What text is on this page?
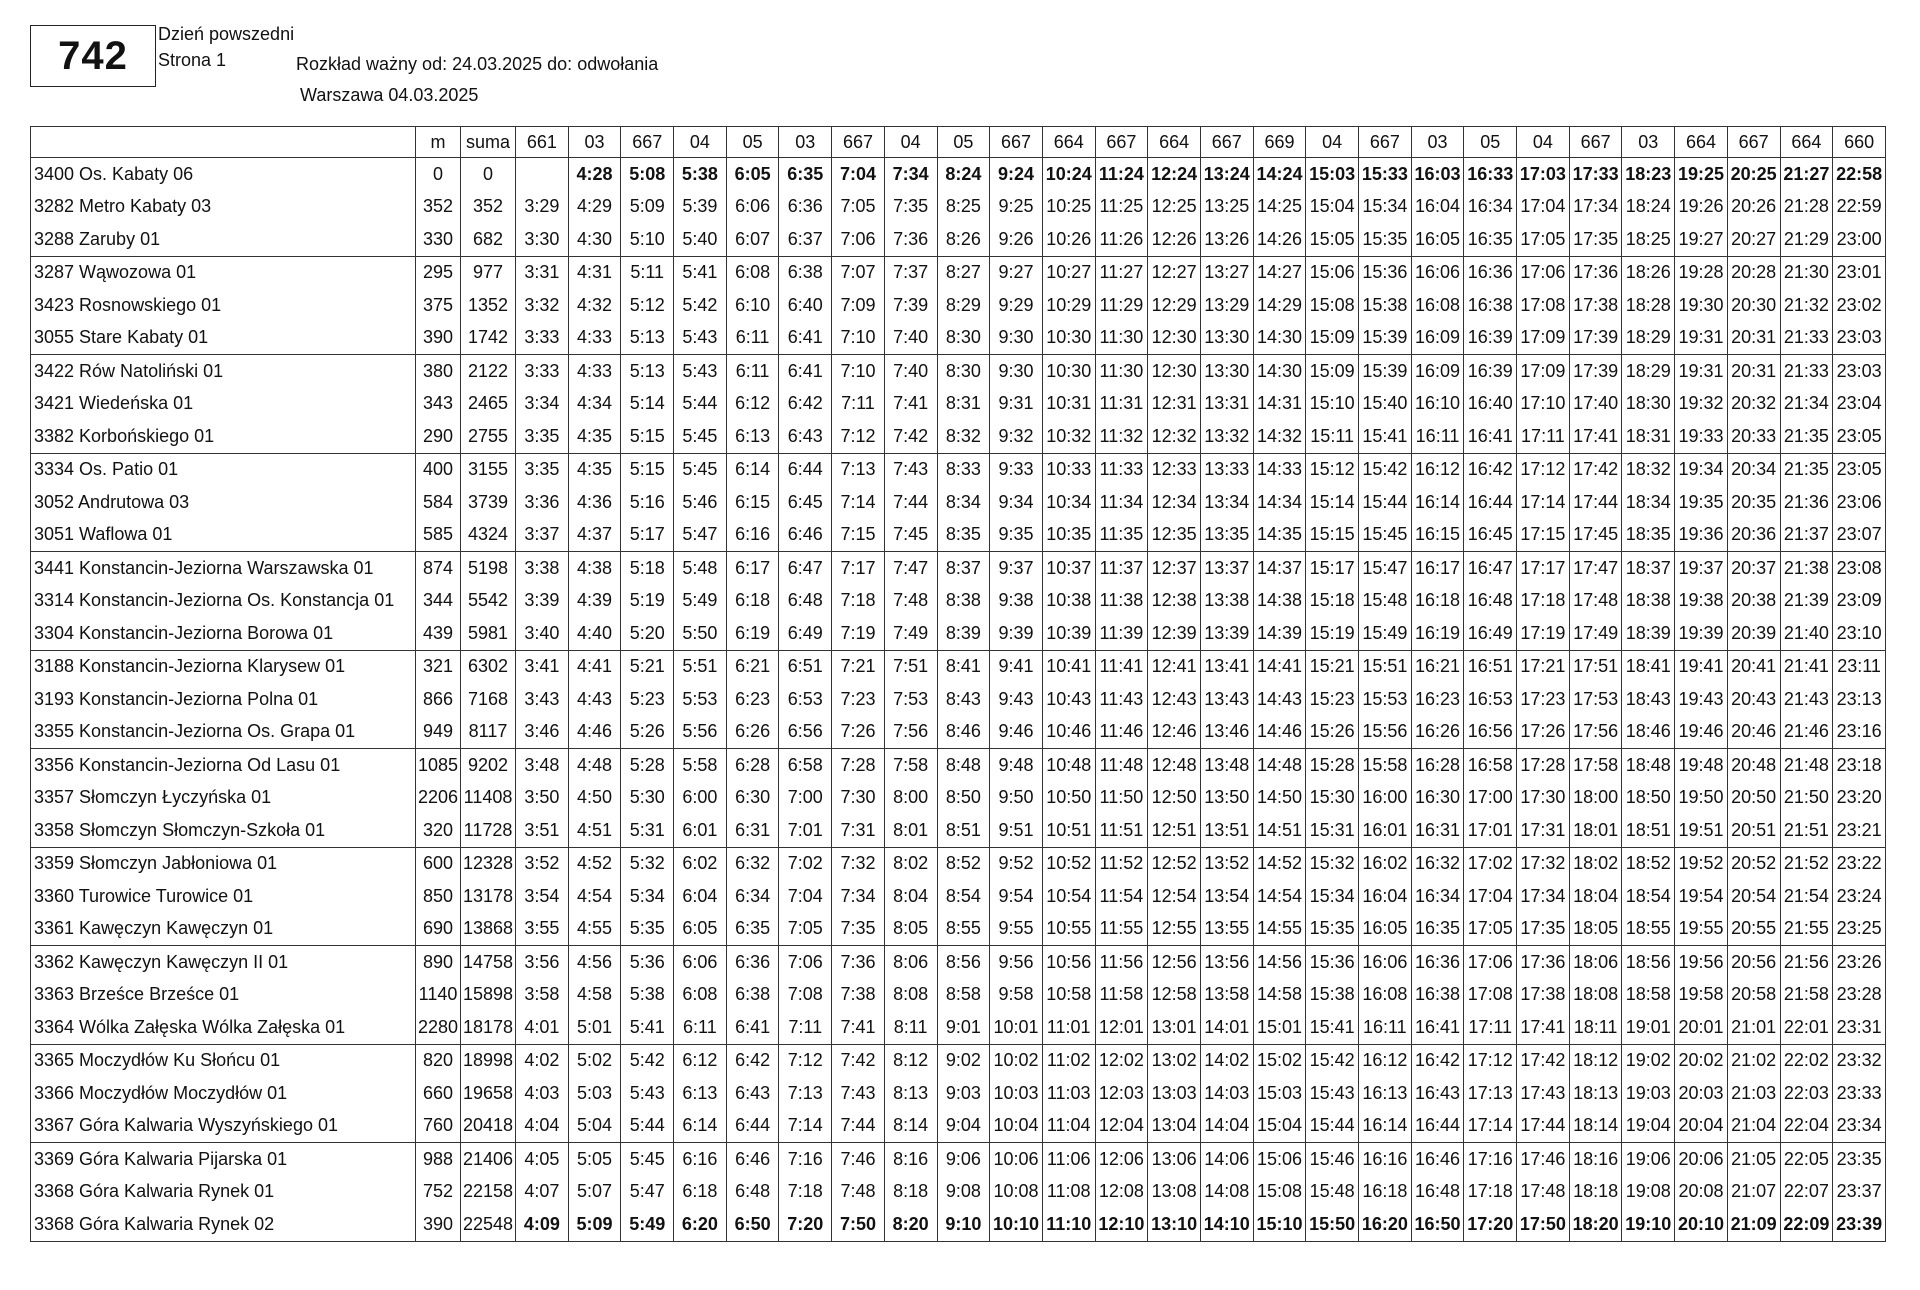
742 Dzień powszedni
Strona 1	Rozkład ważny od: 24.03.2025 do: odwołania
Warszawa 04.03.2025
	m	suma	661	03	667	04	05	03	667	04	05	667	664	667	664	667	669	04	667	03	05	04	667	03	664	667	664	660
3400 Os. Kabaty 06	0	0		4:28	5:08	5:38	6:05	6:35	7:04	7:34	8:24	9:24	10:24	11:24	12:24	13:24	14:24	15:03	15:33	16:03	16:33	17:03	17:33	18:23	19:25	20:25	21:27	22:58
3282 Metro Kabaty 03	352	352	3:29	4:29	5:09	5:39	6:06	6:36	7:05	7:35	8:25	9:25	10:25	11:25	12:25	13:25	14:25	15:04	15:34	16:04	16:34	17:04	17:34	18:24	19:26	20:26	21:28	22:59
3288 Zaruby 01	330	682	3:30	4:30	5:10	5:40	6:07	6:37	7:06	7:36	8:26	9:26	10:26	11:26	12:26	13:26	14:26	15:05	15:35	16:05	16:35	17:05	17:35	18:25	19:27	20:27	21:29	23:00
3287 Wąwozowa 01	295	977	3:31	4:31	5:11	5:41	6:08	6:38	7:07	7:37	8:27	9:27	10:27	11:27	12:27	13:27	14:27	15:06	15:36	16:06	16:36	17:06	17:36	18:26	19:28	20:28	21:30	23:01
3423 Rosnowskiego 01	375	1352	3:32	4:32	5:12	5:42	6:10	6:40	7:09	7:39	8:29	9:29	10:29	11:29	12:29	13:29	14:29	15:08	15:38	16:08	16:38	17:08	17:38	18:28	19:30	20:30	21:32	23:02
3055 Stare Kabaty 01	390	1742	3:33	4:33	5:13	5:43	6:11	6:41	7:10	7:40	8:30	9:30	10:30	11:30	12:30	13:30	14:30	15:09	15:39	16:09	16:39	17:09	17:39	18:29	19:31	20:31	21:33	23:03
3422 Rów Natoliński 01	380	2122	3:33	4:33	5:13	5:43	6:11	6:41	7:10	7:40	8:30	9:30	10:30	11:30	12:30	13:30	14:30	15:09	15:39	16:09	16:39	17:09	17:39	18:29	19:31	20:31	21:33	23:03
3421 Wiedeńska 01	343	2465	3:34	4:34	5:14	5:44	6:12	6:42	7:11	7:41	8:31	9:31	10:31	11:31	12:31	13:31	14:31	15:10	15:40	16:10	16:40	17:10	17:40	18:30	19:32	20:32	21:34	23:04
3382 Korbońskiego 01	290	2755	3:35	4:35	5:15	5:45	6:13	6:43	7:12	7:42	8:32	9:32	10:32	11:32	12:32	13:32	14:32	15:11	15:41	16:11	16:41	17:11	17:41	18:31	19:33	20:33	21:35	23:05
3334 Os. Patio 01	400	3155	3:35	4:35	5:15	5:45	6:14	6:44	7:13	7:43	8:33	9:33	10:33	11:33	12:33	13:33	14:33	15:12	15:42	16:12	16:42	17:12	17:42	18:32	19:34	20:34	21:35	23:05
3052 Andrutowa 03	584	3739	3:36	4:36	5:16	5:46	6:15	6:45	7:14	7:44	8:34	9:34	10:34	11:34	12:34	13:34	14:34	15:14	15:44	16:14	16:44	17:14	17:44	18:34	19:35	20:35	21:36	23:06
3051 Waflowa 01	585	4324	3:37	4:37	5:17	5:47	6:16	6:46	7:15	7:45	8:35	9:35	10:35	11:35	12:35	13:35	14:35	15:15	15:45	16:15	16:45	17:15	17:45	18:35	19:36	20:36	21:37	23:07
3441 Konstancin-Jeziorna Warszawska 01	874	5198	3:38	4:38	5:18	5:48	6:17	6:47	7:17	7:47	8:37	9:37	10:37	11:37	12:37	13:37	14:37	15:17	15:47	16:17	16:47	17:17	17:47	18:37	19:37	20:37	21:38	23:08
3314 Konstancin-Jeziorna Os. Konstancja 01	344	5542	3:39	4:39	5:19	5:49	6:18	6:48	7:18	7:48	8:38	9:38	10:38	11:38	12:38	13:38	14:38	15:18	15:48	16:18	16:48	17:18	17:48	18:38	19:38	20:38	21:39	23:09
3304 Konstancin-Jeziorna Borowa 01	439	5981	3:40	4:40	5:20	5:50	6:19	6:49	7:19	7:49	8:39	9:39	10:39	11:39	12:39	13:39	14:39	15:19	15:49	16:19	16:49	17:19	17:49	18:39	19:39	20:39	21:40	23:10
3188 Konstancin-Jeziorna Klarysew 01	321	6302	3:41	4:41	5:21	5:51	6:21	6:51	7:21	7:51	8:41	9:41	10:41	11:41	12:41	13:41	14:41	15:21	15:51	16:21	16:51	17:21	17:51	18:41	19:41	20:41	21:41	23:11
3193 Konstancin-Jeziorna Polna 01	866	7168	3:43	4:43	5:23	5:53	6:23	6:53	7:23	7:53	8:43	9:43	10:43	11:43	12:43	13:43	14:43	15:23	15:53	16:23	16:53	17:23	17:53	18:43	19:43	20:43	21:43	23:13
3355 Konstancin-Jeziorna Os. Grapa 01	949	8117	3:46	4:46	5:26	5:56	6:26	6:56	7:26	7:56	8:46	9:46	10:46	11:46	12:46	13:46	14:46	15:26	15:56	16:26	16:56	17:26	17:56	18:46	19:46	20:46	21:46	23:16
3356 Konstancin-Jeziorna Od Lasu 01	1085	9202	3:48	4:48	5:28	5:58	6:28	6:58	7:28	7:58	8:48	9:48	10:48	11:48	12:48	13:48	14:48	15:28	15:58	16:28	16:58	17:28	17:58	18:48	19:48	20:48	21:48	23:18
3357 Słomczyn Łyczyńska 01	2206	11408	3:50	4:50	5:30	6:00	6:30	7:00	7:30	8:00	8:50	9:50	10:50	11:50	12:50	13:50	14:50	15:30	16:00	16:30	17:00	17:30	18:00	18:50	19:50	20:50	21:50	23:20
3358 Słomczyn Słomczyn-Szkoła 01	320	11728	3:51	4:51	5:31	6:01	6:31	7:01	7:31	8:01	8:51	9:51	10:51	11:51	12:51	13:51	14:51	15:31	16:01	16:31	17:01	17:31	18:01	18:51	19:51	20:51	21:51	23:21
3359 Słomczyn Jabłoniowa 01	600	12328	3:52	4:52	5:32	6:02	6:32	7:02	7:32	8:02	8:52	9:52	10:52	11:52	12:52	13:52	14:52	15:32	16:02	16:32	17:02	17:32	18:02	18:52	19:52	20:52	21:52	23:22
3360 Turowice Turowice 01	850	13178	3:54	4:54	5:34	6:04	6:34	7:04	7:34	8:04	8:54	9:54	10:54	11:54	12:54	13:54	14:54	15:34	16:04	16:34	17:04	17:34	18:04	18:54	19:54	20:54	21:54	23:24
3361 Kawęczyn Kawęczyn 01	690	13868	3:55	4:55	5:35	6:05	6:35	7:05	7:35	8:05	8:55	9:55	10:55	11:55	12:55	13:55	14:55	15:35	16:05	16:35	17:05	17:35	18:05	18:55	19:55	20:55	21:55	23:25
3362 Kawęczyn Kawęczyn II 01	890	14758	3:56	4:56	5:36	6:06	6:36	7:06	7:36	8:06	8:56	9:56	10:56	11:56	12:56	13:56	14:56	15:36	16:06	16:36	17:06	17:36	18:06	18:56	19:56	20:56	21:56	23:26
3363 Brześce Brześce 01	1140	15898	3:58	4:58	5:38	6:08	6:38	7:08	7:38	8:08	8:58	9:58	10:58	11:58	12:58	13:58	14:58	15:38	16:08	16:38	17:08	17:38	18:08	18:58	19:58	20:58	21:58	23:28
3364 Wólka Załęska Wólka Załęska 01	2280	18178	4:01	5:01	5:41	6:11	6:41	7:11	7:41	8:11	9:01	10:01	11:01	12:01	13:01	14:01	15:01	15:41	16:11	16:41	17:11	17:41	18:11	19:01	20:01	21:01	22:01	23:31
3365 Moczydłów Ku Słońcu 01	820	18998	4:02	5:02	5:42	6:12	6:42	7:12	7:42	8:12	9:02	10:02	11:02	12:02	13:02	14:02	15:02	15:42	16:12	16:42	17:12	17:42	18:12	19:02	20:02	21:02	22:02	23:32
3366 Moczydłów Moczydłów 01	660	19658	4:03	5:03	5:43	6:13	6:43	7:13	7:43	8:13	9:03	10:03	11:03	12:03	13:03	14:03	15:03	15:43	16:13	16:43	17:13	17:43	18:13	19:03	20:03	21:03	22:03	23:33
3367 Góra Kalwaria Wyszyńskiego 01	760	20418	4:04	5:04	5:44	6:14	6:44	7:14	7:44	8:14	9:04	10:04	11:04	12:04	13:04	14:04	15:04	15:44	16:14	16:44	17:14	17:44	18:14	19:04	20:04	21:04	22:04	23:34
3369 Góra Kalwaria Pijarska 01	988	21406	4:05	5:05	5:45	6:16	6:46	7:16	7:46	8:16	9:06	10:06	11:06	12:06	13:06	14:06	15:06	15:46	16:16	16:46	17:16	17:46	18:16	19:06	20:06	21:05	22:05	23:35
3368 Góra Kalwaria Rynek 01	752	22158	4:07	5:07	5:47	6:18	6:48	7:18	7:48	8:18	9:08	10:08	11:08	12:08	13:08	14:08	15:08	15:48	16:18	16:48	17:18	17:48	18:18	19:08	20:08	21:07	22:07	23:37
3368 Góra Kalwaria Rynek 02	390	22548	4:09	5:09	5:49	6:20	6:50	7:20	7:50	8:20	9:10	10:10	11:10	12:10	13:10	14:10	15:10	15:50	16:20	16:50	17:20	17:50	18:20	19:10	20:10	21:09	22:09	23:39
